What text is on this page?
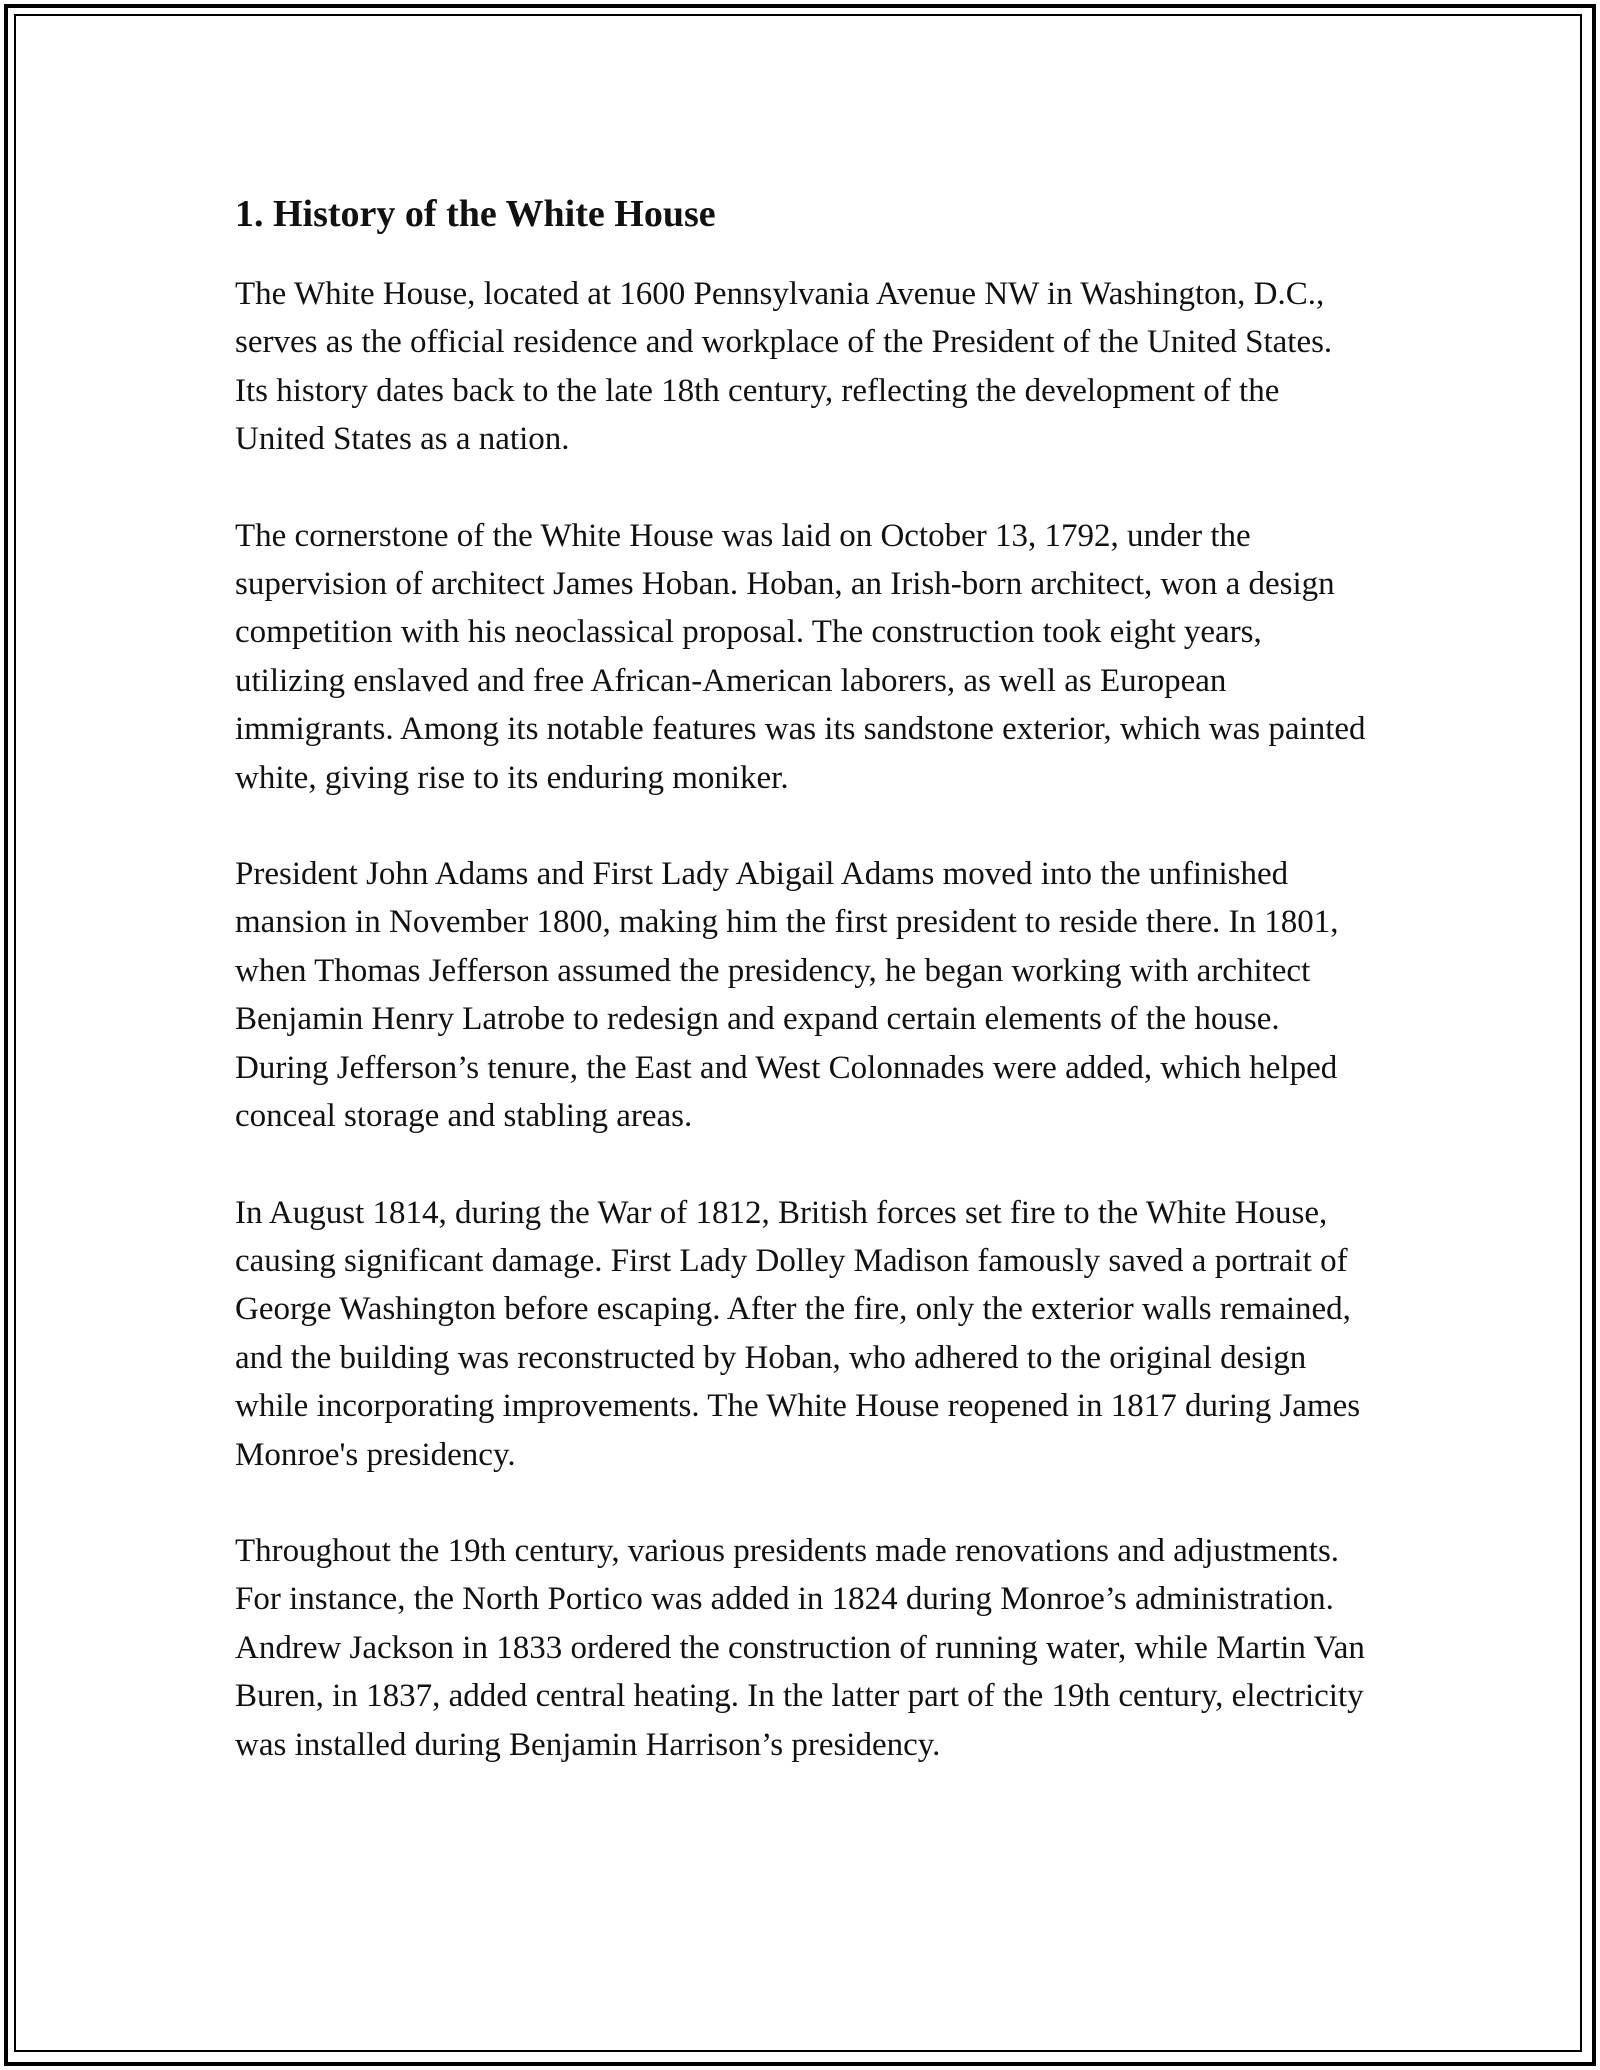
1. History of the White House

The White House, located at 1600 Pennsylvania Avenue NW in Washington, D.C., serves as the official residence and workplace of the President of the United States. Its history dates back to the late 18th century, reflecting the development of the United States as a nation.

The cornerstone of the White House was laid on October 13, 1792, under the supervision of architect James Hoban. Hoban, an Irish-born architect, won a design competition with his neoclassical proposal. The construction took eight years, utilizing enslaved and free African-American laborers, as well as European immigrants. Among its notable features was its sandstone exterior, which was painted white, giving rise to its enduring moniker.

President John Adams and First Lady Abigail Adams moved into the unfinished mansion in November 1800, making him the first president to reside there. In 1801, when Thomas Jefferson assumed the presidency, he began working with architect Benjamin Henry Latrobe to redesign and expand certain elements of the house. During Jefferson’s tenure, the East and West Colonnades were added, which helped conceal storage and stabling areas.

In August 1814, during the War of 1812, British forces set fire to the White House, causing significant damage. First Lady Dolley Madison famously saved a portrait of George Washington before escaping. After the fire, only the exterior walls remained, and the building was reconstructed by Hoban, who adhered to the original design while incorporating improvements. The White House reopened in 1817 during James Monroe's presidency.

Throughout the 19th century, various presidents made renovations and adjustments. For instance, the North Portico was added in 1824 during Monroe’s administration. Andrew Jackson in 1833 ordered the construction of running water, while Martin Van Buren, in 1837, added central heating. In the latter part of the 19th century, electricity was installed during Benjamin Harrison’s presidency.
